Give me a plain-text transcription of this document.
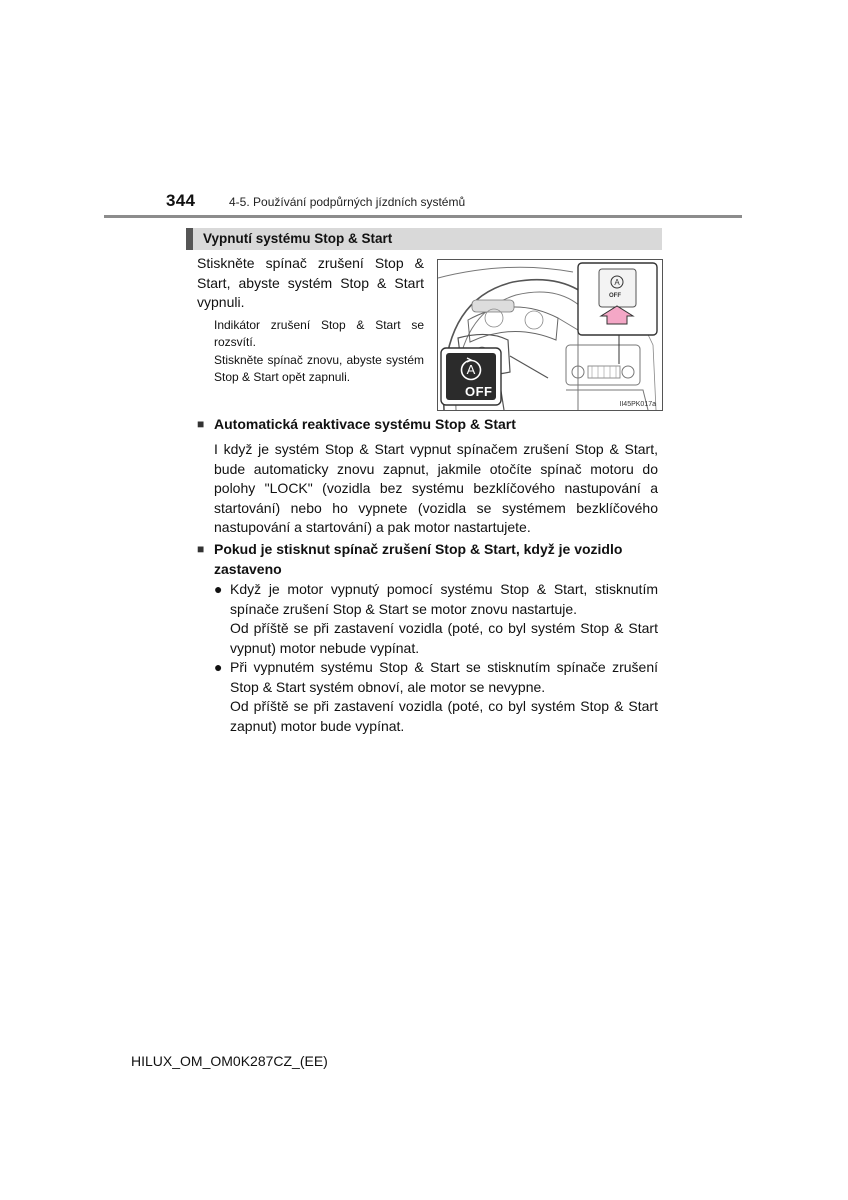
344	4-5. Používání podpůrných jízdních systémů
Vypnutí systému Stop & Start

Stiskněte spínač zrušení Stop & Start, abyste systém Stop & Start vypnuli.

Indikátor zrušení Stop & Start se rozsvítí.

Stiskněte spínač znovu, abyste systém Stop & Start opět zapnuli.

A
A
OFF
OFF
II45PK017a
■ Automatická reaktivace systému Stop & Start

I když je systém Stop & Start vypnut spínačem zrušení Stop & Start, bude automaticky znovu zapnut, jakmile otočíte spínač motoru do polohy "LOCK" (vozidla bez systému bezklíčového nastupování a startování) nebo ho vypnete (vozidla se systémem bezklíčového nastupování a startování) a pak motor nastartujete.

■ Pokud je stisknut spínač zrušení Stop & Start, když je vozidlo zastaveno
● Když je motor vypnutý pomocí systému Stop & Start, stisknutím spínače zrušení Stop & Start se motor znovu nastartuje.

Od příště se při zastavení vozidla (poté, co byl systém Stop & Start vypnut) motor nebude vypínat.

● Při vypnutém systému Stop & Start se stisknutím spínače zrušení Stop & Start systém obnoví, ale motor se nevypne.

Od příště se při zastavení vozidla (poté, co byl systém Stop & Start zapnut) motor bude vypínat.

HILUX_OM_OM0K287CZ_(EE)
